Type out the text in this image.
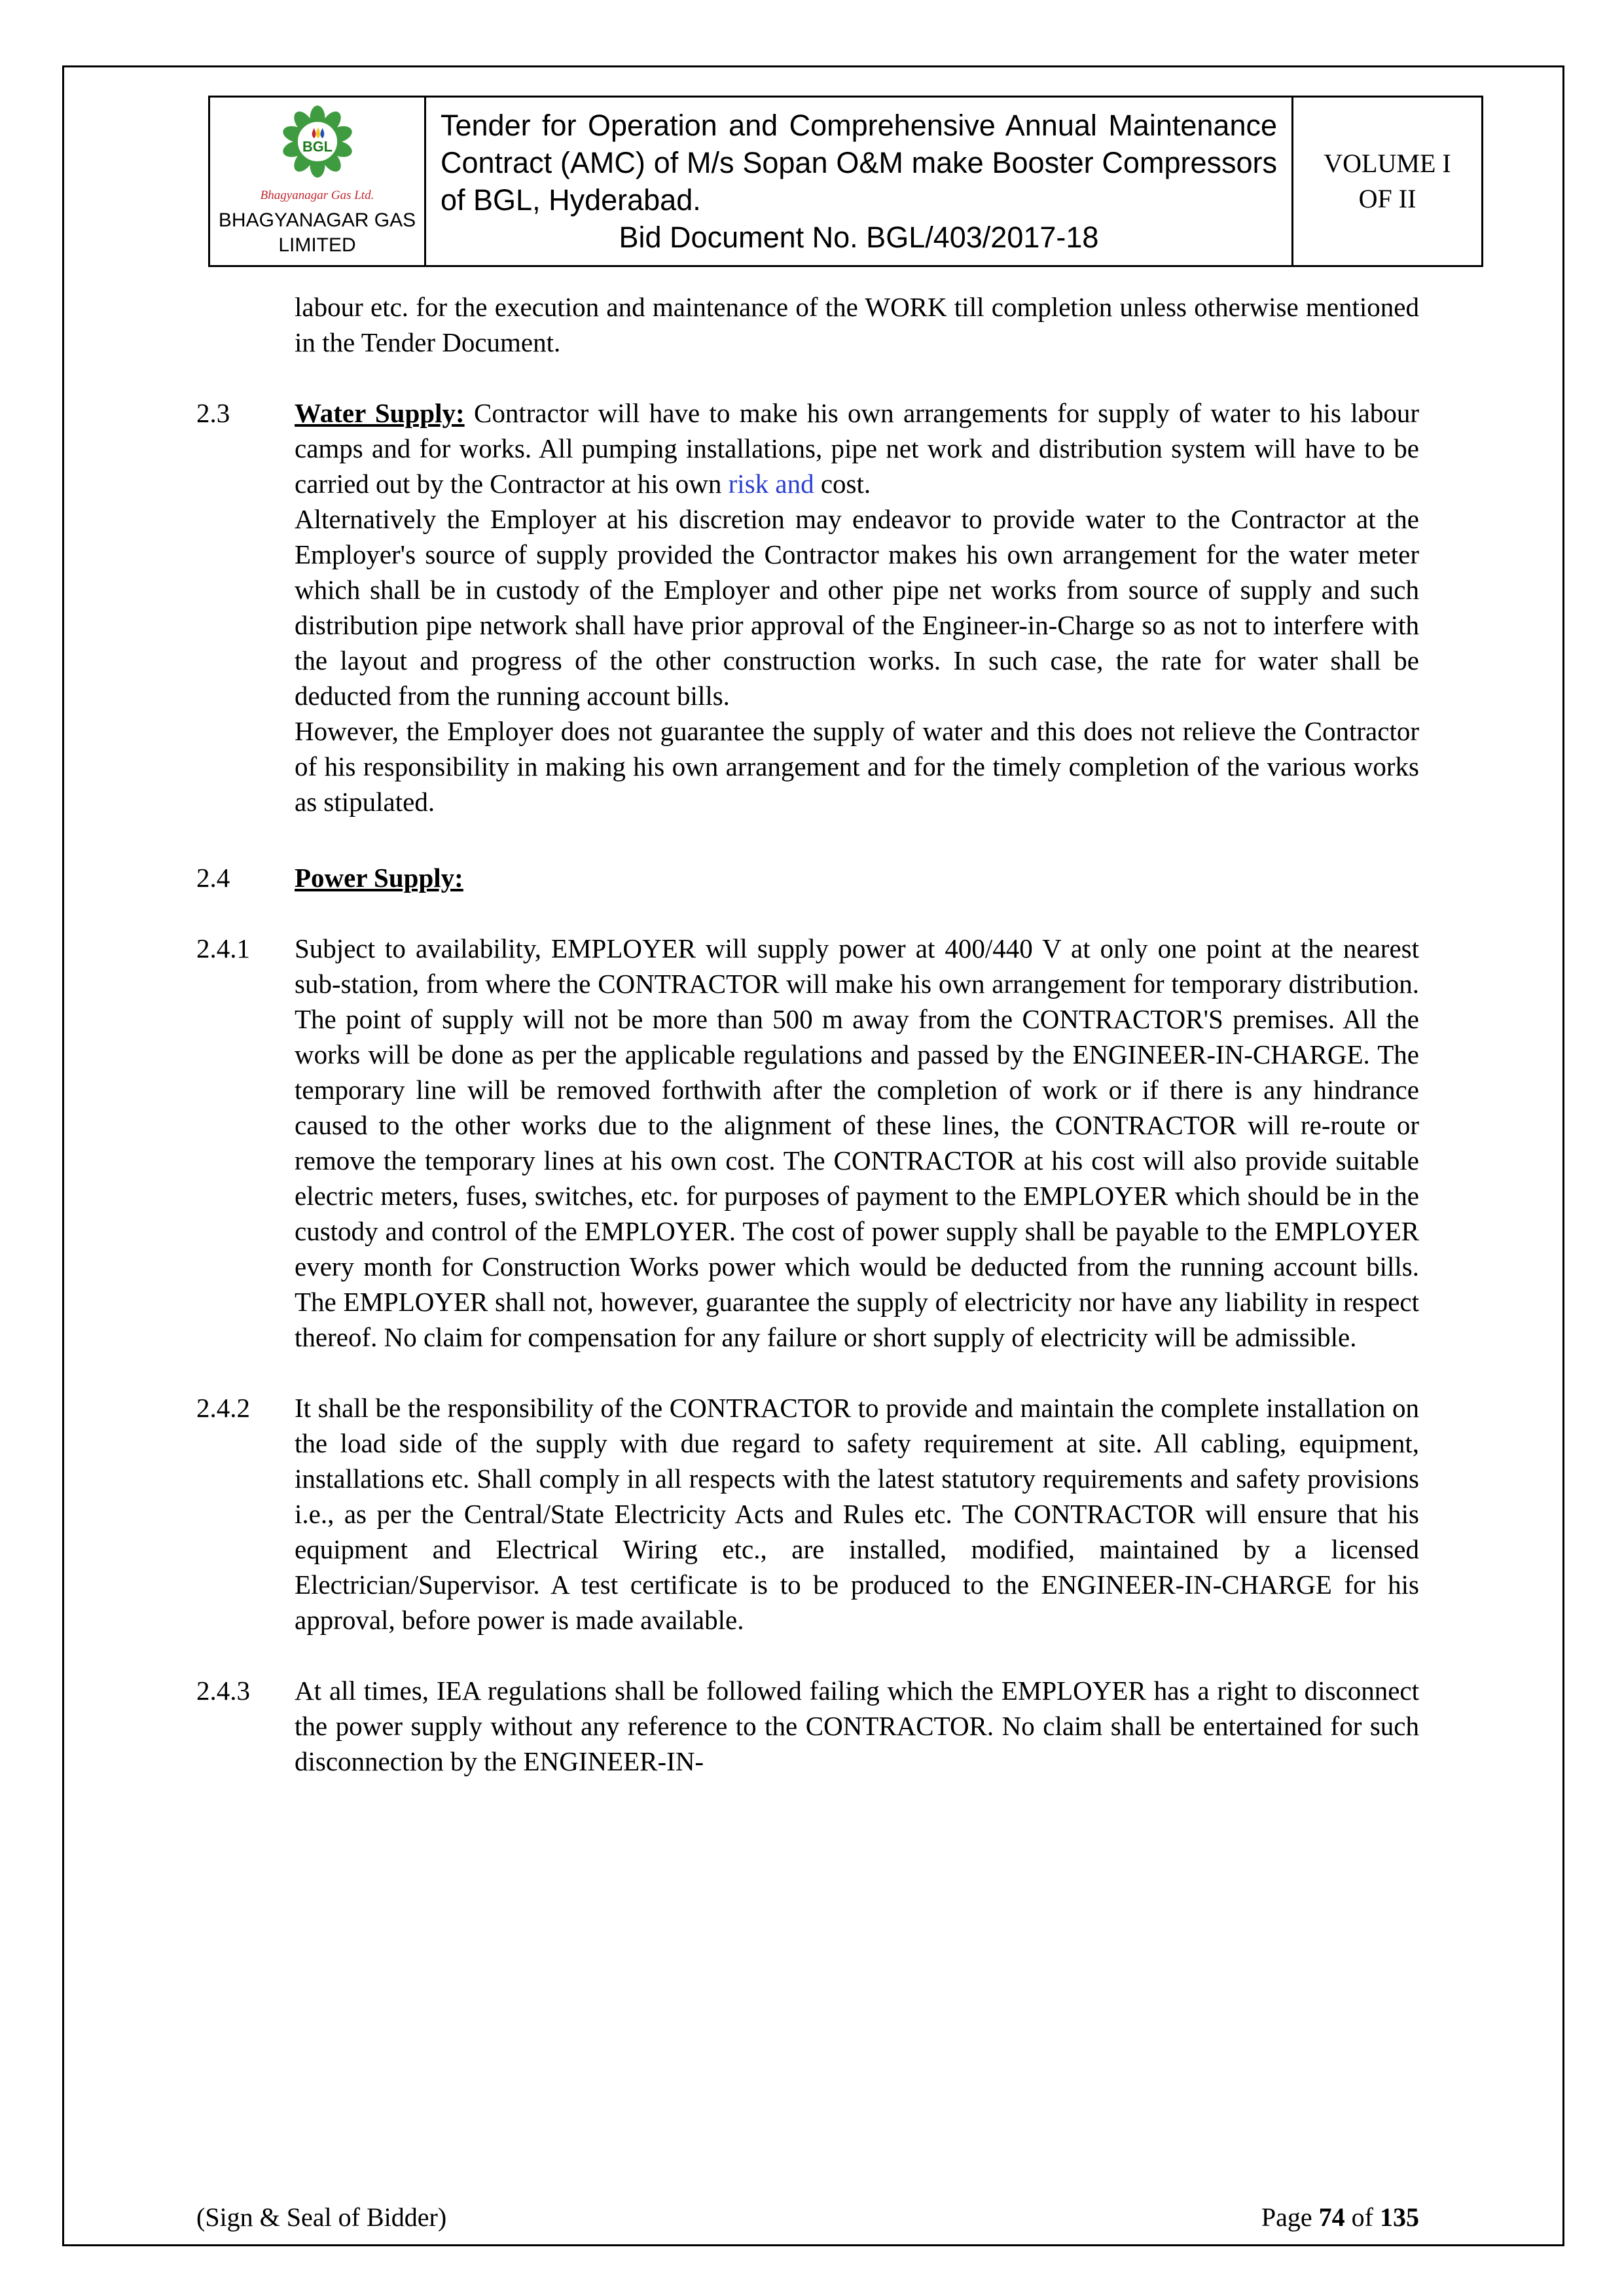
BGL
Bhagyanagar Gas Ltd.
BHAGYANAGAR GAS
LIMITED

Tender for Operation and Comprehensive Annual Maintenance Contract (AMC) of M/s Sopan O&M make Booster Compressors of BGL, Hyderabad.
Bid Document No. BGL/403/2017-18

VOLUME I
OF II
labour etc. for the execution and maintenance of the WORK till completion unless otherwise mentioned in the Tender Document.
2.3 Water Supply: Contractor will have to make his own arrangements for supply of water to his labour camps and for works. All pumping installations, pipe net work and distribution system will have to be carried out by the Contractor at his own risk and cost.
Alternatively the Employer at his discretion may endeavor to provide water to the Contractor at the Employer's source of supply provided the Contractor makes his own arrangement for the water meter which shall be in custody of the Employer and other pipe net works from source of supply and such distribution pipe network shall have prior approval of the Engineer-in-Charge so as not to interfere with the layout and progress of the other construction works. In such case, the rate for water shall be deducted from the running account bills.
However, the Employer does not guarantee the supply of water and this does not relieve the Contractor of his responsibility in making his own arrangement and for the timely completion of the various works as stipulated.
2.4 Power Supply:
2.4.1 Subject to availability, EMPLOYER will supply power at 400/440 V at only one point at the nearest sub-station, from where the CONTRACTOR will make his own arrangement for temporary distribution. The point of supply will not be more than 500 m away from the CONTRACTOR'S premises. All the works will be done as per the applicable regulations and passed by the ENGINEER-IN-CHARGE. The temporary line will be removed forthwith after the completion of work or if there is any hindrance caused to the other works due to the alignment of these lines, the CONTRACTOR will re-route or remove the temporary lines at his own cost. The CONTRACTOR at his cost will also provide suitable electric meters, fuses, switches, etc. for purposes of payment to the EMPLOYER which should be in the custody and control of the EMPLOYER. The cost of power supply shall be payable to the EMPLOYER every month for Construction Works power which would be deducted from the running account bills. The EMPLOYER shall not, however, guarantee the supply of electricity nor have any liability in respect thereof. No claim for compensation for any failure or short supply of electricity will be admissible.
2.4.2 It shall be the responsibility of the CONTRACTOR to provide and maintain the complete installation on the load side of the supply with due regard to safety requirement at site. All cabling, equipment, installations etc. Shall comply in all respects with the latest statutory requirements and safety provisions i.e., as per the Central/State Electricity Acts and Rules etc. The CONTRACTOR will ensure that his equipment and Electrical Wiring etc., are installed, modified, maintained by a licensed Electrician/Supervisor. A test certificate is to be produced to the ENGINEER-IN-CHARGE for his approval, before power is made available.
2.4.3 At all times, IEA regulations shall be followed failing which the EMPLOYER has a right to disconnect the power supply without any reference to the CONTRACTOR. No claim shall be entertained for such disconnection by the ENGINEER-IN-
(Sign & Seal of Bidder)	Page 74 of 135
